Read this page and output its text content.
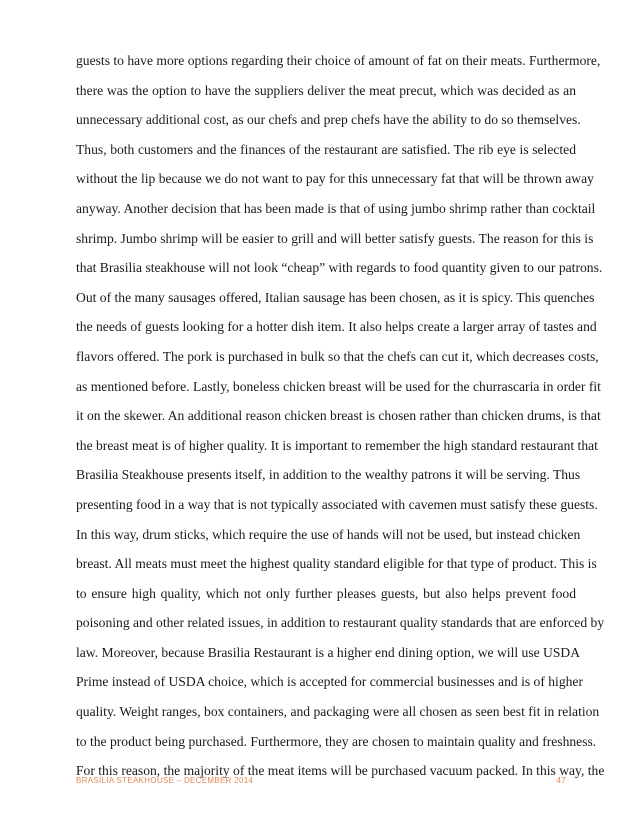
guests to have more options regarding their choice of amount of fat on their meats. Furthermore,
there was the option to have the suppliers deliver the meat precut, which was decided as an
unnecessary additional cost, as our chefs and prep chefs have the ability to do so themselves.
Thus, both customers and the finances of the restaurant are satisfied. The rib eye is selected
without the lip because we do not want to pay for this unnecessary fat that will be thrown away
anyway. Another decision that has been made is that of using jumbo shrimp rather than cocktail
shrimp. Jumbo shrimp will be easier to grill and will better satisfy guests. The reason for this is
that Brasilia steakhouse will not look “cheap” with regards to food quantity given to our patrons.
Out of the many sausages offered, Italian sausage has been chosen, as it is spicy. This quenches
the needs of guests looking for a hotter dish item. It also helps create a larger array of tastes and
flavors offered. The pork is purchased in bulk so that the chefs can cut it, which decreases costs,
as mentioned before. Lastly, boneless chicken breast will be used for the churrascaria in order fit
it on the skewer. An additional reason chicken breast is chosen rather than chicken drums, is that
the breast meat is of higher quality. It is important to remember the high standard restaurant that
Brasilia Steakhouse presents itself, in addition to the wealthy patrons it will be serving. Thus
presenting food in a way that is not typically associated with cavemen must satisfy these guests.
In this way, drum sticks, which require the use of hands will not be used, but instead chicken
breast. All meats must meet the highest quality standard eligible for that type of product. This is
to ensure high quality, which not only further pleases guests, but also helps prevent food
poisoning and other related issues, in addition to restaurant quality standards that are enforced by
law. Moreover, because Brasilia Restaurant is a higher end dining option, we will use USDA
Prime instead of USDA choice, which is accepted for commercial businesses and is of higher
quality. Weight ranges, box containers, and packaging were all chosen as seen best fit in relation
to the product being purchased. Furthermore, they are chosen to maintain quality and freshness.
For this reason, the majority of the meat items will be purchased vacuum packed. In this way, the
BRASİLIA STEAKHOUSE – DECEMBER 2014	47
